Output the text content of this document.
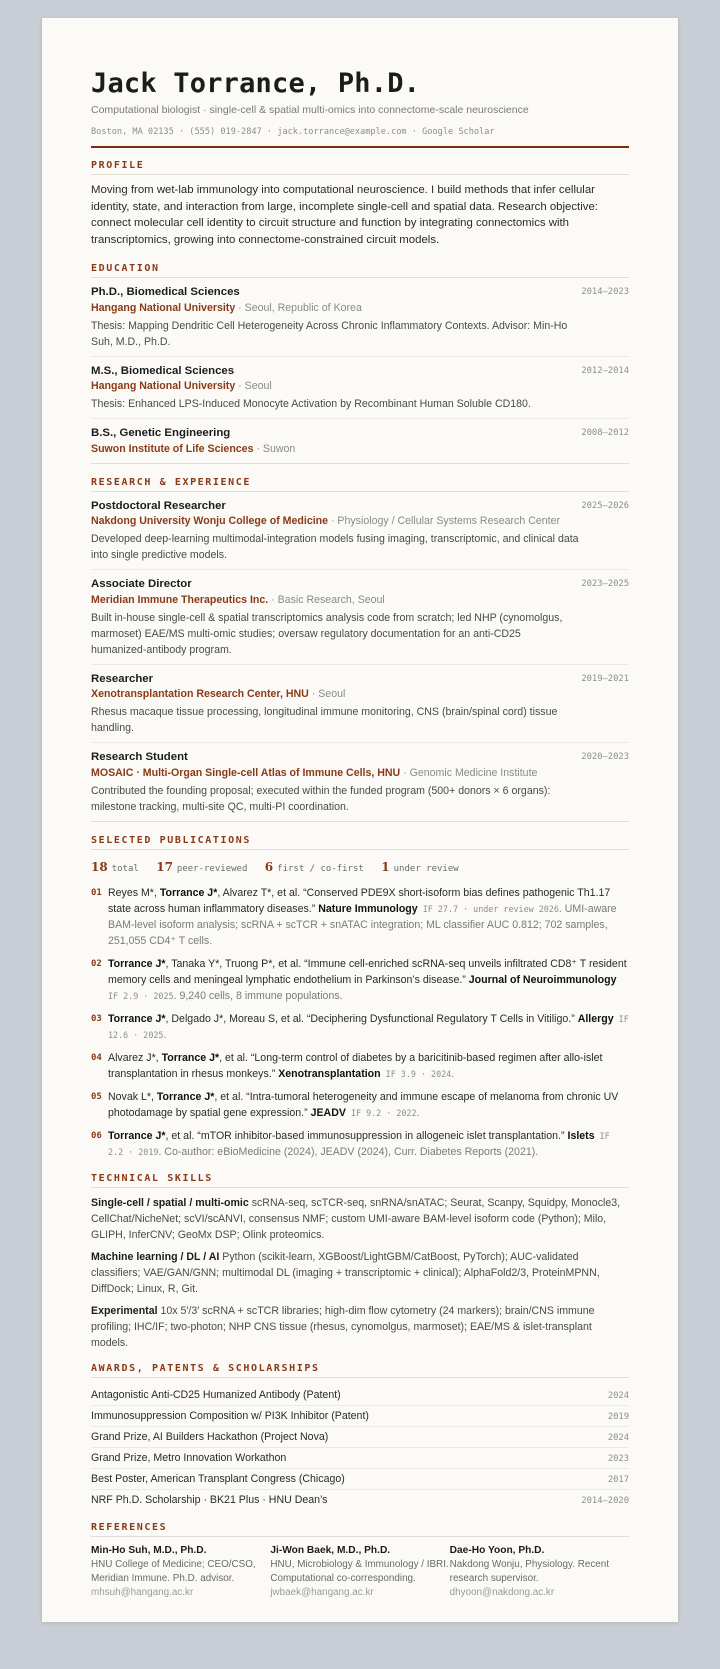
Jack Torrance, Ph.D.
Computational biologist · single-cell & spatial multi-omics into connectome-scale neuroscience
Boston, MA 02135 · (555) 019-2847 · jack.torrance@example.com · Google Scholar
PROFILE
Moving from wet-lab immunology into computational neuroscience. I build methods that infer cellular identity, state, and interaction from large, incomplete single-cell and spatial data. Research objective: connect molecular cell identity to circuit structure and function by integrating connectomics with transcriptomics, growing into connectome-constrained circuit models.
EDUCATION
Ph.D., Biomedical Sciences	2014–2023
Hangang National University · Seoul, Republic of Korea
Thesis: Mapping Dendritic Cell Heterogeneity Across Chronic Inflammatory Contexts. Advisor: Min-Ho Suh, M.D., Ph.D.
M.S., Biomedical Sciences	2012–2014
Hangang National University · Seoul
Thesis: Enhanced LPS-Induced Monocyte Activation by Recombinant Human Soluble CD180.
B.S., Genetic Engineering	2008–2012
Suwon Institute of Life Sciences · Suwon
RESEARCH & EXPERIENCE
Postdoctoral Researcher	2025–2026
Nakdong University Wonju College of Medicine · Physiology / Cellular Systems Research Center
Developed deep-learning multimodal-integration models fusing imaging, transcriptomic, and clinical data into single predictive models.
Associate Director	2023–2025
Meridian Immune Therapeutics Inc. · Basic Research, Seoul
Built in-house single-cell & spatial transcriptomics analysis code from scratch; led NHP (cynomolgus, marmoset) EAE/MS multi-omic studies; oversaw regulatory documentation for an anti-CD25 humanized-antibody program.
Researcher	2019–2021
Xenotransplantation Research Center, HNU · Seoul
Rhesus macaque tissue processing, longitudinal immune monitoring, CNS (brain/spinal cord) tissue handling.
Research Student	2020–2023
MOSAIC · Multi-Organ Single-cell Atlas of Immune Cells, HNU · Genomic Medicine Institute
Contributed the founding proposal; executed within the funded program (500+ donors × 6 organs): milestone tracking, multi-site QC, multi-PI coordination.
SELECTED PUBLICATIONS
18 total 17 peer-reviewed 6 first / co-first 1 under review
01 Reyes M*, Torrance J*, Alvarez T*, et al. “Conserved PDE9X short-isoform bias defines pathogenic Th1.17 state across human inflammatory diseases.” Nature Immunology IF 27.7 · under review 2026. UMI-aware BAM-level isoform analysis; scRNA + scTCR + snATAC integration; ML classifier AUC 0.812; 702 samples, 251,055 CD4⁺ T cells.
02 Torrance J*, Tanaka Y*, Truong P*, et al. “Immune cell-enriched scRNA-seq unveils infiltrated CD8⁺ T resident memory cells and meningeal lymphatic endothelium in Parkinson’s disease.” Journal of Neuroimmunology IF 2.9 · 2025. 9,240 cells, 8 immune populations.
03 Torrance J*, Delgado J*, Moreau S, et al. “Deciphering Dysfunctional Regulatory T Cells in Vitiligo.” Allergy IF 12.6 · 2025.
04 Alvarez J*, Torrance J*, et al. “Long-term control of diabetes by a baricitinib-based regimen after allo-islet transplantation in rhesus monkeys.” Xenotransplantation IF 3.9 · 2024.
05 Novak L*, Torrance J*, et al. “Intra-tumoral heterogeneity and immune escape of melanoma from chronic UV photodamage by spatial gene expression.” JEADV IF 9.2 · 2022.
06 Torrance J*, et al. “mTOR inhibitor-based immunosuppression in allogeneic islet transplantation.” Islets IF 2.2 · 2019. Co-author: eBioMedicine (2024), JEADV (2024), Curr. Diabetes Reports (2021).
TECHNICAL SKILLS
Single-cell / spatial / multi-omic scRNA-seq, scTCR-seq, snRNA/snATAC; Seurat, Scanpy, Squidpy, Monocle3, CellChat/NicheNet; scVI/scANVI, consensus NMF; custom UMI-aware BAM-level isoform code (Python); Milo, GLIPH, InferCNV; GeoMx DSP; Olink proteomics.
Machine learning / DL / AI Python (scikit-learn, XGBoost/LightGBM/CatBoost, PyTorch); AUC-validated classifiers; VAE/GAN/GNN; multimodal DL (imaging + transcriptomic + clinical); AlphaFold2/3, ProteinMPNN, DiffDock; Linux, R, Git.
Experimental 10x 5′/3′ scRNA + scTCR libraries; high-dim flow cytometry (24 markers); brain/CNS immune profiling; IHC/IF; two-photon; NHP CNS tissue (rhesus, cynomolgus, marmoset); EAE/MS & islet-transplant models.
AWARDS, PATENTS & SCHOLARSHIPS
Antagonistic Anti-CD25 Humanized Antibody (Patent)	2024
Immunosuppression Composition w/ PI3K Inhibitor (Patent)	2019
Grand Prize, AI Builders Hackathon (Project Nova)	2024
Grand Prize, Metro Innovation Workathon	2023
Best Poster, American Transplant Congress (Chicago)	2017
NRF Ph.D. Scholarship · BK21 Plus · HNU Dean’s	2014–2020
REFERENCES
Min-Ho Suh, M.D., Ph.D.
HNU College of Medicine; CEO/CSO, Meridian Immune. Ph.D. advisor.
mhsuh@hangang.ac.kr
Ji-Won Baek, M.D., Ph.D.
HNU, Microbiology & Immunology / IBRI. Computational co-corresponding.
jwbaek@hangang.ac.kr
Dae-Ho Yoon, Ph.D.
Nakdong Wonju, Physiology. Recent research supervisor.
dhyoon@nakdong.ac.kr
